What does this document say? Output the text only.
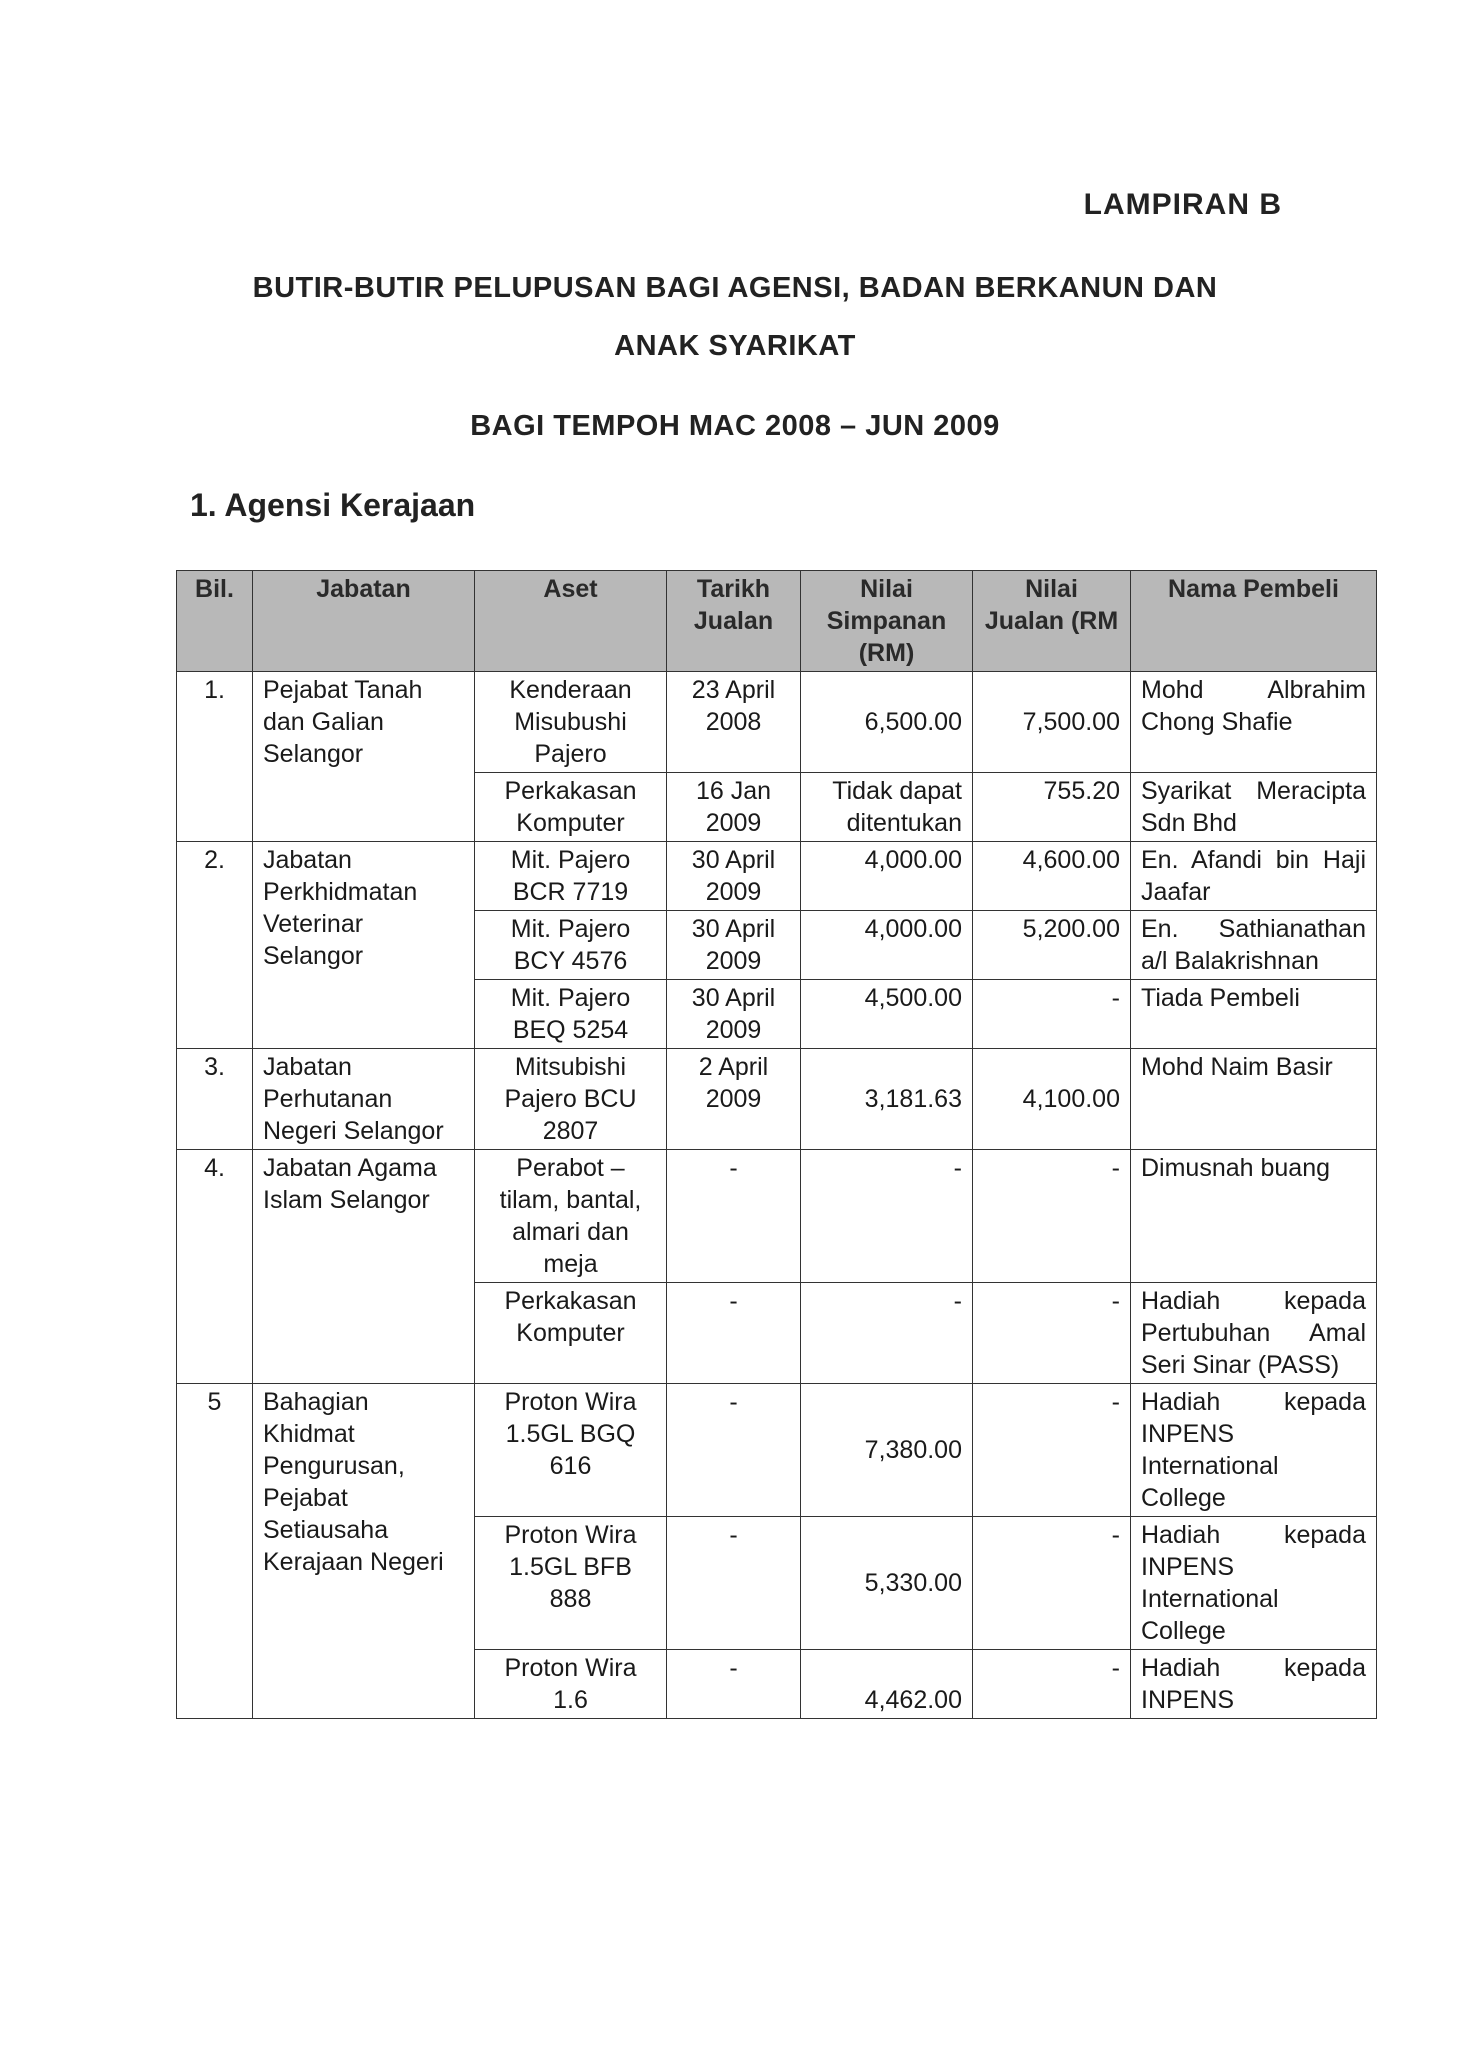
LAMPIRAN B
BUTIR-BUTIR PELUPUSAN BAGI AGENSI, BADAN BERKANUN DAN
ANAK SYARIKAT
BAGI TEMPOH MAC 2008 – JUN 2009
1. Agensi Kerajaan
Bil.	Jabatan	Aset	Tarikh Jualan	Nilai Simpanan (RM)	Nilai Jualan (RM	Nama Pembeli
1.	Pejabat Tanah dan Galian Selangor	Kenderaan Misubushi Pajero	23 April 2008	6,500.00	7,500.00	Mohd Albrahim Chong Shafie
		Perkakasan Komputer	16 Jan 2009	Tidak dapat ditentukan	755.20	Syarikat Meracipta Sdn Bhd
2.	Jabatan Perkhidmatan Veterinar Selangor	Mit. Pajero BCR 7719	30 April 2009	4,000.00	4,600.00	En. Afandi bin Haji Jaafar
		Mit. Pajero BCY 4576	30 April 2009	4,000.00	5,200.00	En. Sathianathan a/l Balakrishnan
		Mit. Pajero BEQ 5254	30 April 2009	4,500.00	-	Tiada Pembeli
3.	Jabatan Perhutanan Negeri Selangor	Mitsubishi Pajero BCU 2807	2 April 2009	3,181.63	4,100.00	Mohd Naim Basir
4.	Jabatan Agama Islam Selangor	Perabot – tilam, bantal, almari dan meja	-	-	-	Dimusnah buang
		Perkakasan Komputer	-	-	-	Hadiah kepada Pertubuhan Amal Seri Sinar (PASS)
5	Bahagian Khidmat Pengurusan, Pejabat Setiausaha Kerajaan Negeri	Proton Wira 1.5GL BGQ 616	-	7,380.00	-	Hadiah kepada INPENS International College
		Proton Wira 1.5GL BFB 888	-	5,330.00	-	Hadiah kepada INPENS International College
		Proton Wira 1.6	-	4,462.00	-	Hadiah kepada INPENS
